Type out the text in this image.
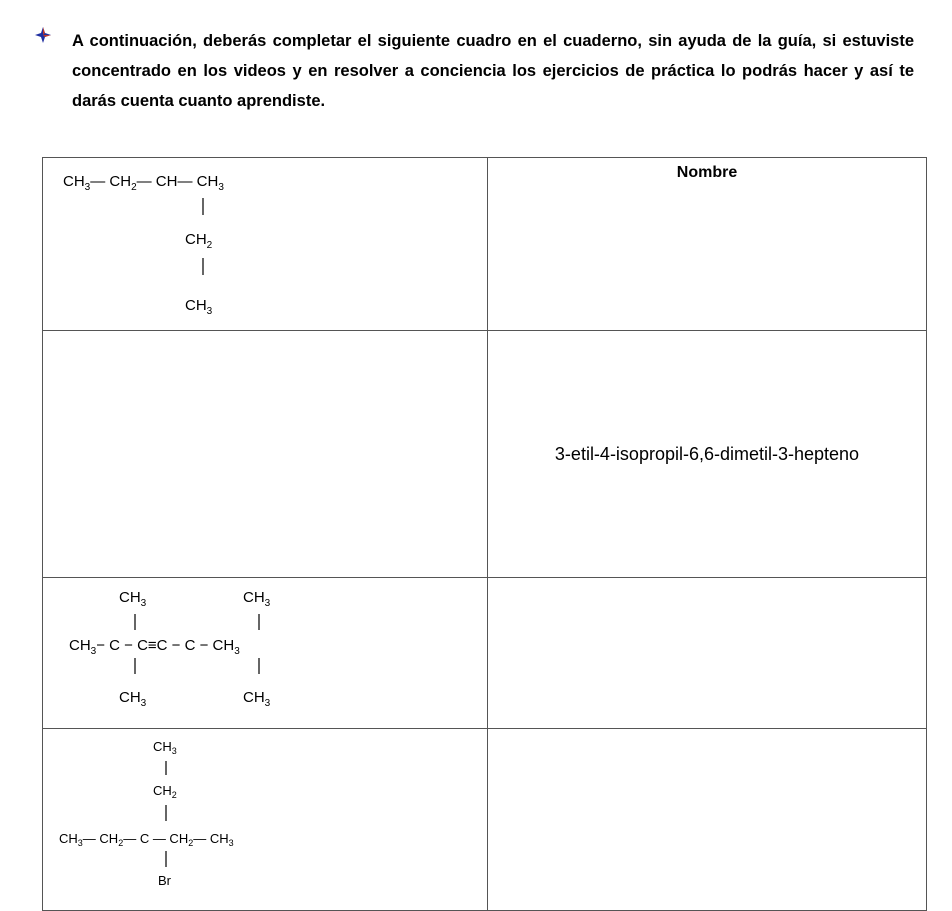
A continuación, deberás completar el siguiente cuadro en el cuaderno, sin ayuda de la guía, si estuviste concentrado en los videos y en resolver a conciencia los ejercicios de práctica lo podrás hacer y así te darás cuenta cuanto aprendiste.
$CH_3—$ $CH_2—$ CH— $CH_3$
$CH_2$
$CH_3$	Nombre
	3-etil-4-isopropil-6,6-dimetil-3-hepteno

$CH_3$ $CH_3$
$CH_3- C - C\equiv C - C - CH_3$
$CH_3$ $CH_3$

$CH_3$
$CH_2$
$CH_3—$ $CH_2—$ C — $CH_2—$ $CH_3$
Br	
